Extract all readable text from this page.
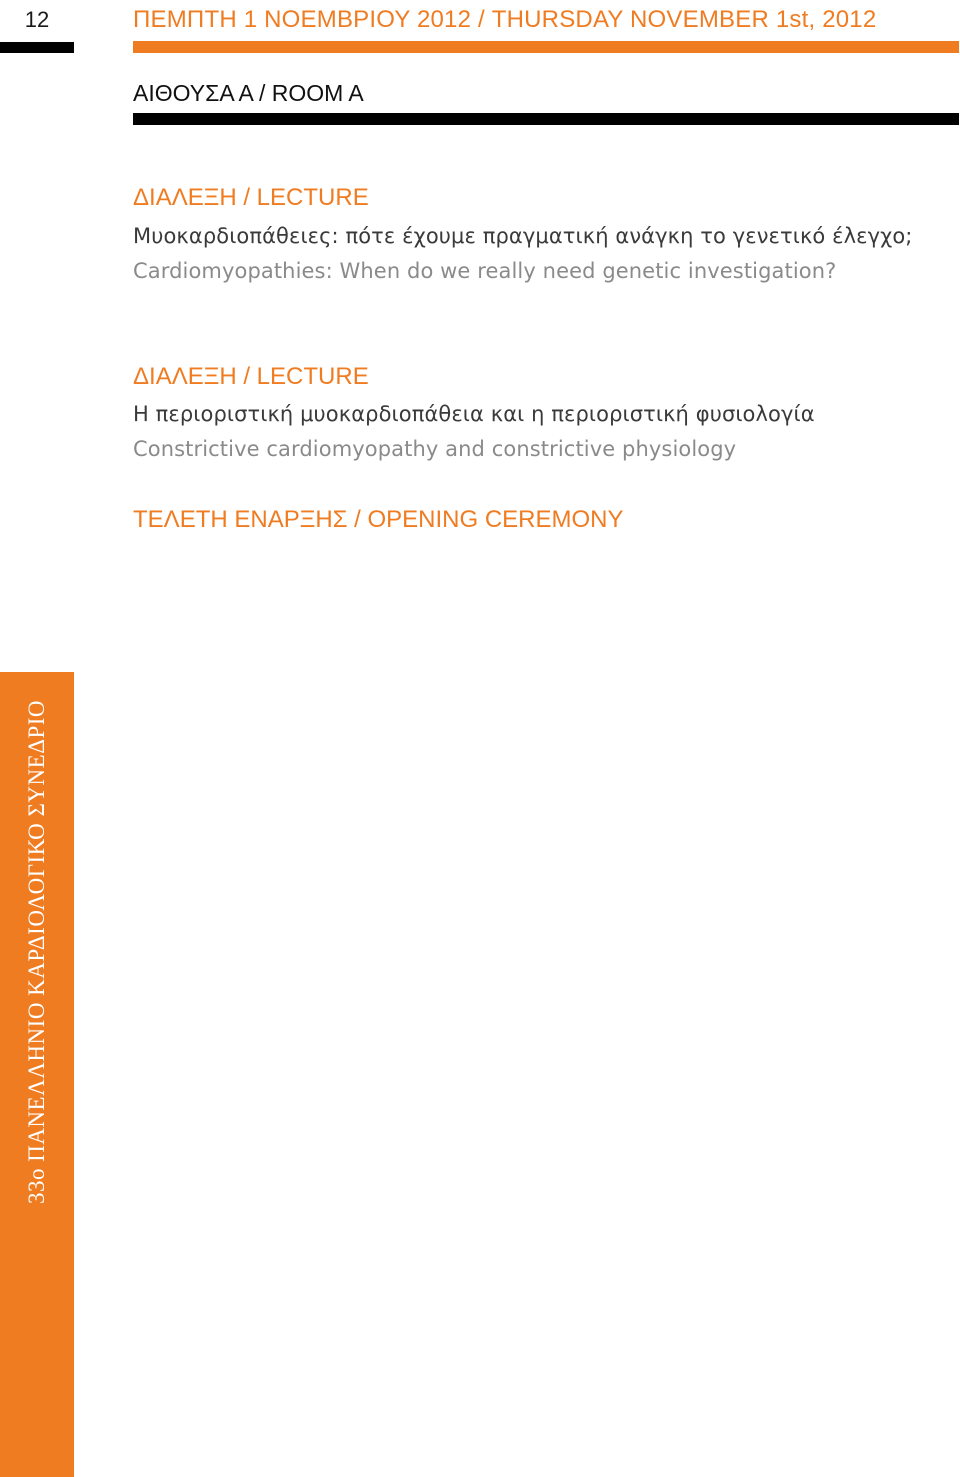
12	ΠΕΜΠΤΗ 1 ΝΟΕΜΒΡΙΟΥ 2012 / THURSDAY NOVEMBER 1st, 2012
ΑΙΘΟΥΣΑ Α / ROOM A
ΔΙΑΛΕΞΗ / LECTURE
Μυοκαρδιοπάθειες: πότε έχουμε πραγματική ανάγκη το γενετικό έλεγχο;
Cardiomyopathies: When do we really need genetic investigation?
ΔΙΑΛΕΞΗ / LECTURE
Η περιοριστική μυοκαρδιοπάθεια και η περιοριστική φυσιολογία
Constrictive cardiomyopathy and constrictive physiology
ΤΕΛΕΤΗ ΕΝΑΡΞΗΣ / OPENING CEREMONY
33ο ΠΑΝΕΛΛΗΝΙΟ ΚΑΡΔΙΟΛΟΓΙΚΟ ΣΥΝΕΔΡΙΟ
